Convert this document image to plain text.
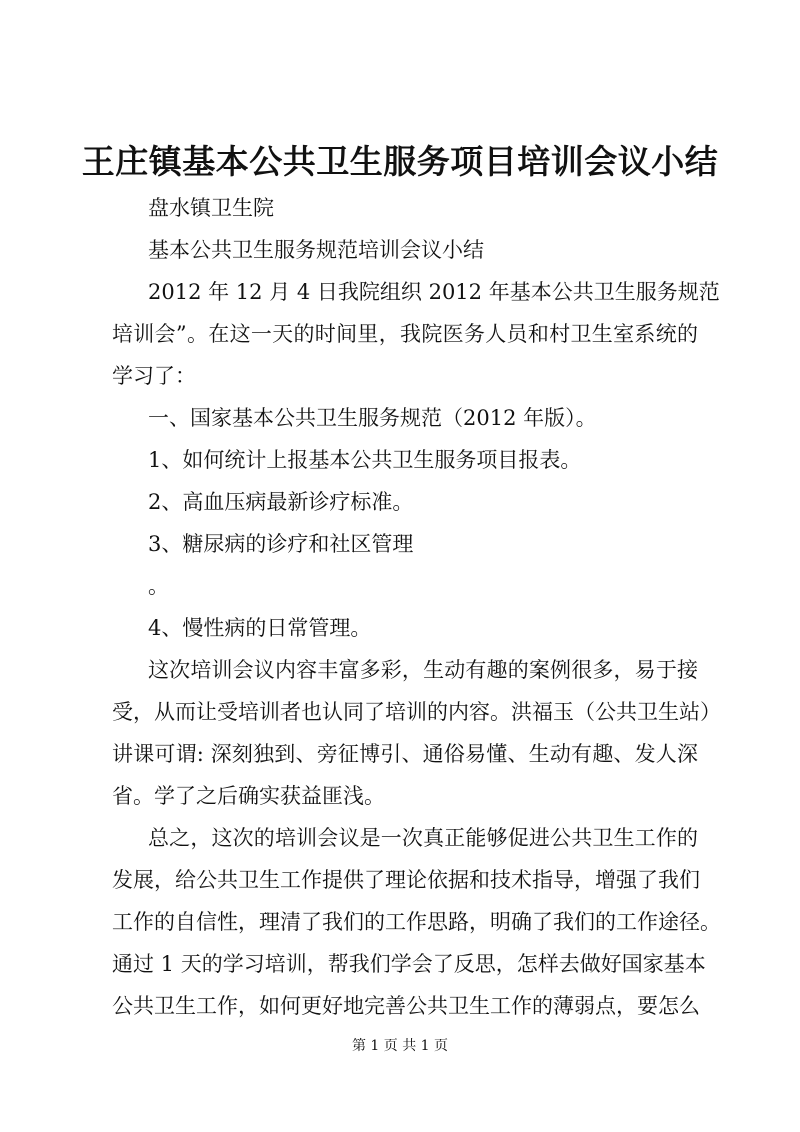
王庄镇基本公共卫生服务项目培训会议小结
盘水镇卫生院
基本公共卫生服务规范培训会议小结
2012 年 12 月 4 日我院组织 2012 年基本公共卫生服务规范
培训会”。在这一天的时间里，我院医务人员和村卫生室系统的
学习了：
一、国家基本公共卫生服务规范（2012 年版）。
1、如何统计上报基本公共卫生服务项目报表。
2、高血压病最新诊疗标准。
3、糖尿病的诊疗和社区管理
。
4、慢性病的日常管理。
这次培训会议内容丰富多彩，生动有趣的案例很多，易于接
受，从而让受培训者也认同了培训的内容。洪福玉（公共卫生站）
讲课可谓: 深刻独到、旁征博引、通俗易懂、生动有趣、发人深
省。学了之后确实获益匪浅。
总之，这次的培训会议是一次真正能够促进公共卫生工作的
发展，给公共卫生工作提供了理论依据和技术指导，增强了我们
工作的自信性，理清了我们的工作思路，明确了我们的工作途径。
通过 1 天的学习培训，帮我们学会了反思，怎样去做好国家基本
公共卫生工作，如何更好地完善公共卫生工作的薄弱点，要怎么
第 1 页 共 1 页
